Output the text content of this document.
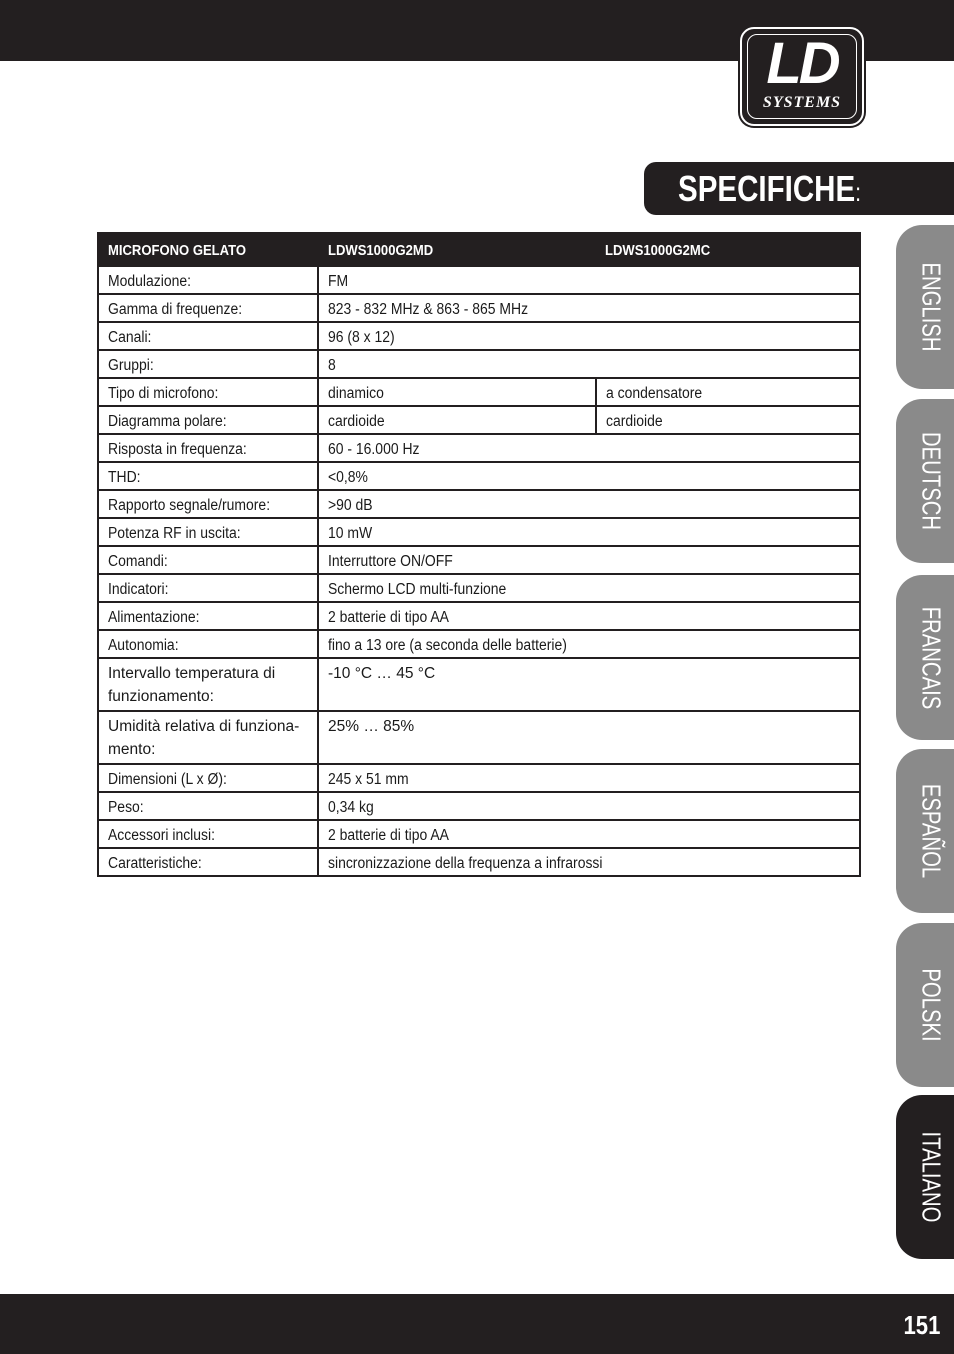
LD
SYSTEMS
SPECIFICHE:
MICROFONO GELATO	LDWS1000G2MD	LDWS1000G2MC

Modulazione:	FM	

Gamma di frequenze:	823 - 832 MHz & 863 - 865 MHz	

Canali:	96 (8 x 12)	

Gruppi:	8	

Tipo di microfono:	dinamico	a condensatore

Diagramma polare:	cardioide	cardioide

Risposta in frequenza:	60 - 16.000 Hz	

THD:	<0,8%	

Rapporto segnale/rumore:	>90 dB	

Potenza RF in uscita:	10 mW	

Comandi:	Interruttore ON/OFF	

Indicatori:	Schermo LCD multi-funzione	

Alimentazione:	2 batterie di tipo AA	

Autonomia:	fino a 13 ore (a seconda delle batterie)	

Intervallo temperatura di
funzionamento:	-10 °C … 45 °C	

Umidità relativa di funziona-
mento:	25% … 85%	

Dimensioni (L x Ø):	245 x 51 mm	

Peso:	0,34 kg	

Accessori inclusi:	2 batterie di tipo AA	

Caratteristiche:	sincronizzazione della frequenza a infrarossi	
ENGLISH
DEUTSCH
FRANCAIS
ESPAÑOL
POLSKI
ITALIANO
151
